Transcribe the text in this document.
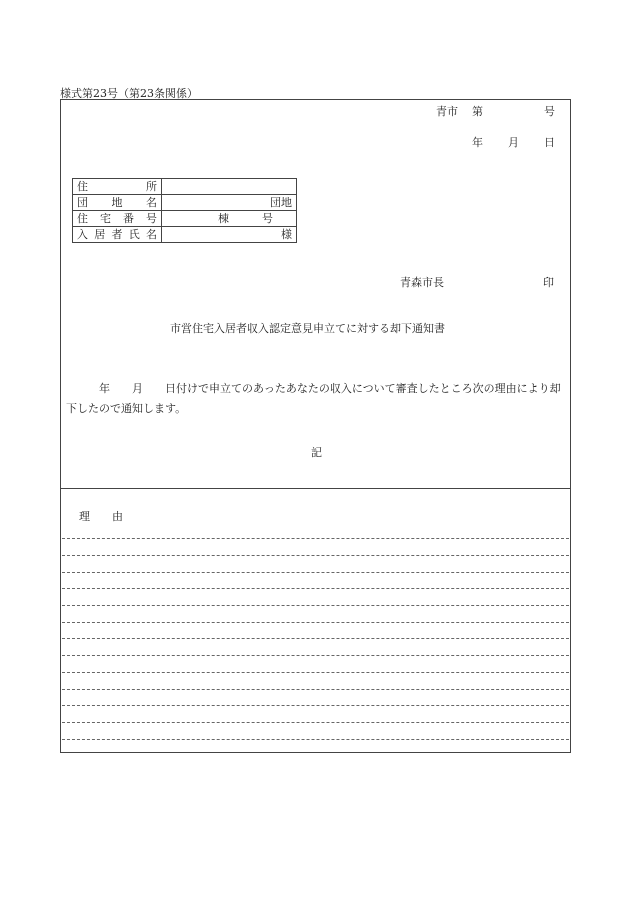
様式第23号（第23条関係）
青市 第	号
年 月 日
住　　所	
団　地　名	団地
住 宅 番 号	棟　　　号
入居者氏名	様
青森市長	印
市営住宅入居者収入認定意見申立てに対する却下通知書
　　　年　　月　　日付けで申立てのあったあなたの収入について審査したところ次の理由により却下したので通知します。
記
理　　由
